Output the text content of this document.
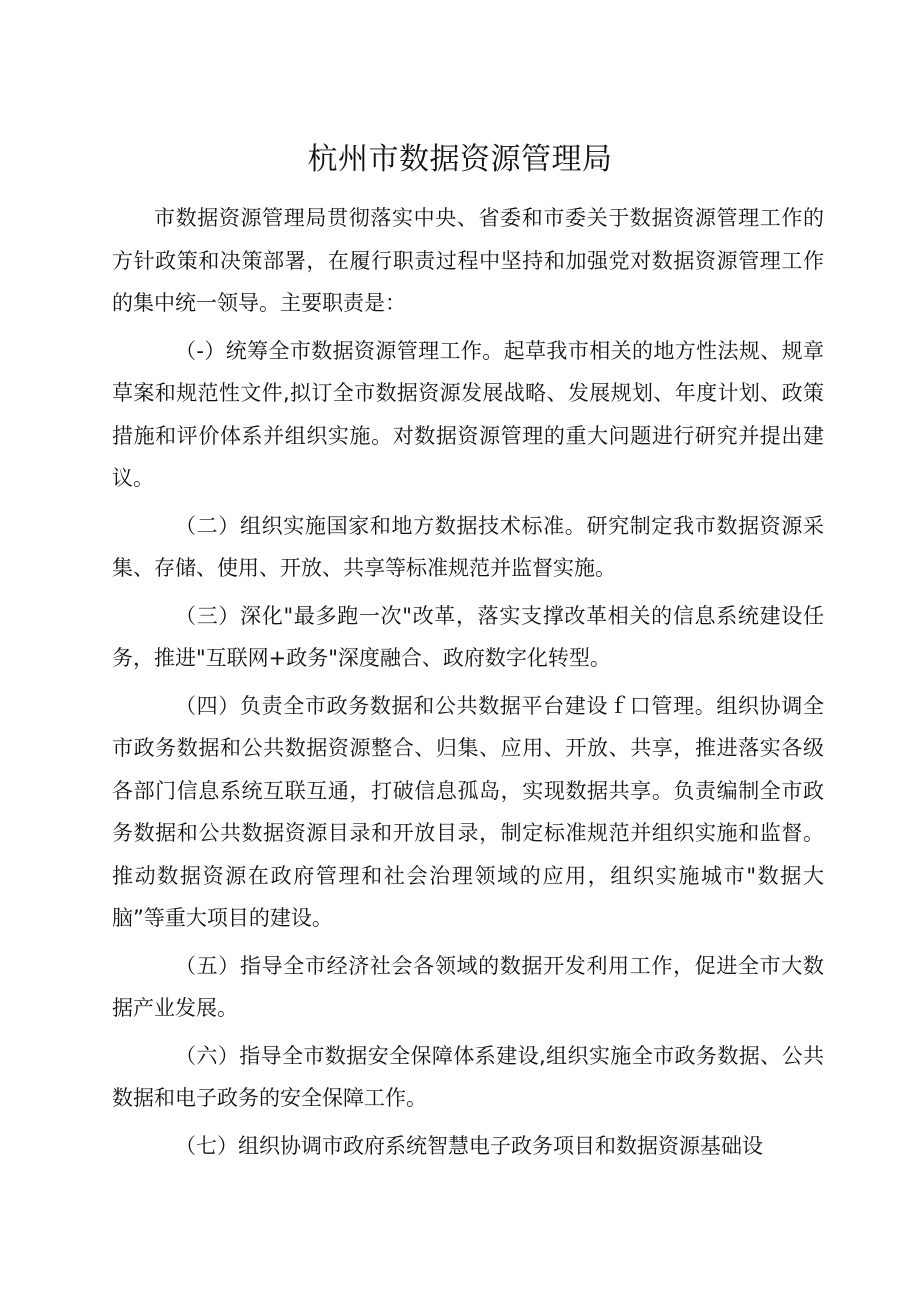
杭州市数据资源管理局

市数据资源管理局贯彻落实中央、省委和市委关于数据资源管理工作的方针政策和决策部署，在履行职责过程中坚持和加强党对数据资源管理工作的集中统一领导。主要职责是：

（-）统筹全市数据资源管理工作。起草我市相关的地方性法规、规章草案和规范性文件,拟订全市数据资源发展战略、发展规划、年度计划、政策措施和评价体系并组织实施。对数据资源管理的重大问题进行研究并提出建议。

（二）组织实施国家和地方数据技术标准。研究制定我市数据资源采集、存储、使用、开放、共享等标准规范并监督实施。

（三）深化"最多跑一次"改革，落实支撑改革相关的信息系统建设任务，推进"互联网+政务"深度融合、政府数字化转型。

（四）负责全市政务数据和公共数据平台建设ｆ口管理。组织协调全市政务数据和公共数据资源整合、归集、应用、开放、共享，推进落实各级各部门信息系统互联互通，打破信息孤岛，实现数据共享。负责编制全市政务数据和公共数据资源目录和开放目录，制定标准规范并组织实施和监督。推动数据资源在政府管理和社会治理领域的应用，组织实施城市"数据大脑”等重大项目的建设。

（五）指导全市经济社会各领域的数据开发利用工作，促进全市大数据产业发展。

（六）指导全市数据安全保障体系建设,组织实施全市政务数据、公共数据和电子政务的安全保障工作。

（七）组织协调市政府系统智慧电子政务项目和数据资源基础设
